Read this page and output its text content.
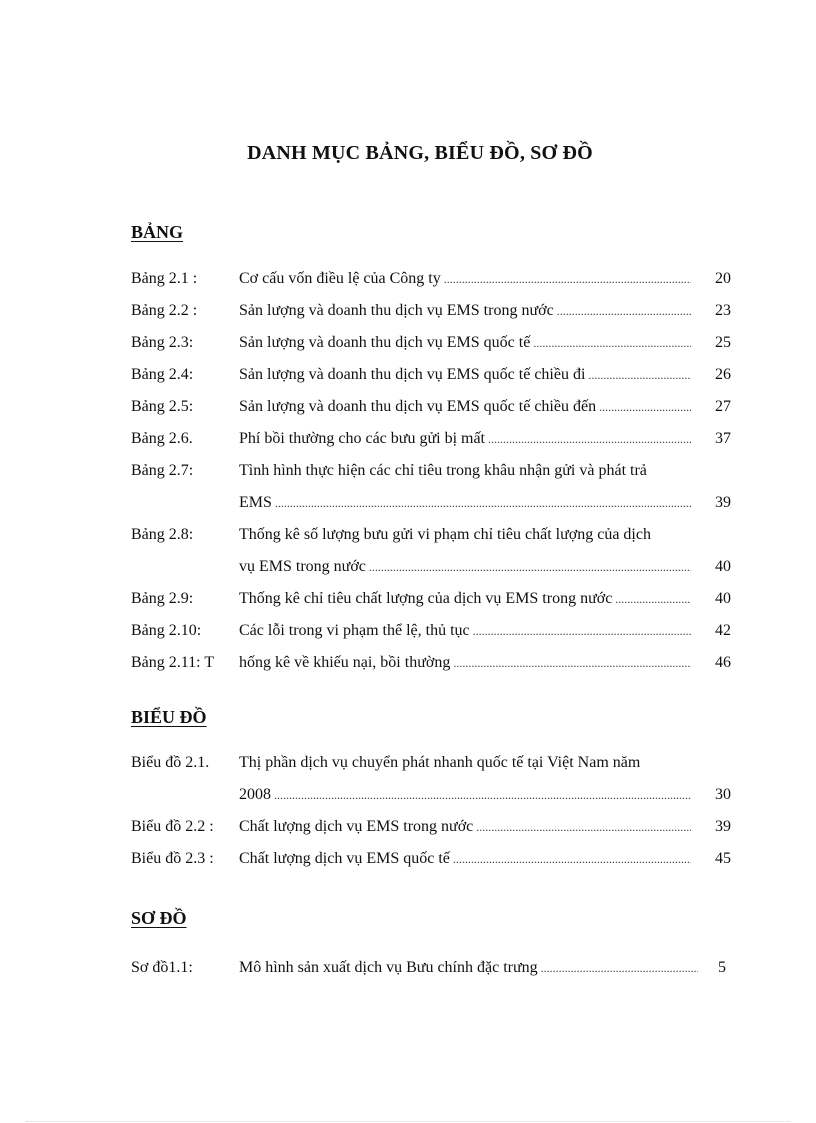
DANH MỤC BẢNG, BIỂU ĐỒ, SƠ ĐỒ
BẢNG
Bảng 2.1 :	Cơ cấu vốn điều lệ của Công ty .....	20
Bảng 2.2 :	Sản lượng và doanh thu dịch vụ EMS trong nước .....	23
Bảng 2.3:	Sản lượng và doanh thu dịch vụ EMS quốc tế .....	25
Bảng 2.4:	Sản lượng và doanh thu dịch vụ EMS quốc tế chiều đi .....	26
Bảng 2.5:	Sản lượng và doanh thu dịch vụ EMS quốc tế chiều đến .....	27
Bảng 2.6.	Phí bồi thường cho các bưu gửi bị mất .....	37
Bảng 2.7:	Tình hình thực hiện các chỉ tiêu trong khâu nhận gửi và phát trả
EMS .....	39
Bảng 2.8:	Thống kê số lượng bưu gửi vi phạm chỉ tiêu chất lượng của dịch
vụ EMS trong nước .....	40
Bảng 2.9:	Thống kê chỉ tiêu chất lượng của dịch vụ EMS trong nước .....	40
Bảng 2.10: Các lỗi trong vi phạm thể lệ, thủ tục .....	42
Bảng 2.11: T hống kê về khiếu nại, bồi thường .....	46
BIỂU ĐỒ
Biểu đồ 2.1. Thị phần dịch vụ chuyển phát nhanh quốc tế tại Việt Nam năm
2008 .....	30
Biểu đồ 2.2 : Chất lượng dịch vụ EMS trong nước .....	39
Biểu đồ 2.3 : Chất lượng dịch vụ EMS quốc tế .....	45
SƠ ĐỒ
Sơ đồ1.1:	Mô hình sản xuất dịch vụ Bưu chính đặc trưng .....	5
